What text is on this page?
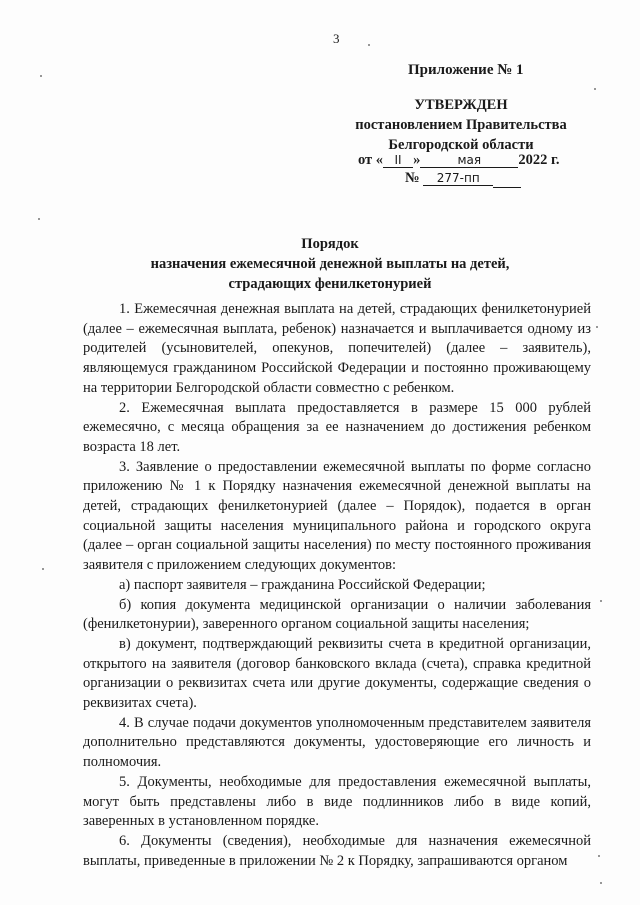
3
Приложение № 1
УТВЕРЖДЕН
постановлением Правительства
Белгородской области
от « II »	мая	2022 г.
№ 277-пп
Порядок
назначения ежемесячной денежной выплаты на детей,
страдающих фенилкетонурией

1. Ежемесячная денежная выплата на детей, страдающих фенилкетонурией (далее – ежемесячная выплата, ребенок) назначается и выплачивается одному из родителей (усыновителей, опекунов, попечителей) (далее – заявитель), являющемуся гражданином Российской Федерации и постоянно проживающему на территории Белгородской области совместно с ребенком.

2. Ежемесячная выплата предоставляется в размере 15 000 рублей ежемесячно, с месяца обращения за ее назначением до достижения ребенком возраста 18 лет.

3. Заявление о предоставлении ежемесячной выплаты по форме согласно приложению № 1 к Порядку назначения ежемесячной денежной выплаты на детей, страдающих фенилкетонурией (далее – Порядок), подается в орган социальной защиты населения муниципального района и городского округа (далее – орган социальной защиты населения) по месту постоянного проживания заявителя с приложением следующих документов:

а) паспорт заявителя – гражданина Российской Федерации;

б) копия документа медицинской организации о наличии заболевания (фенилкетонурии), заверенного органом социальной защиты населения;

в) документ, подтверждающий реквизиты счета в кредитной организации, открытого на заявителя (договор банковского вклада (счета), справка кредитной организации о реквизитах счета или другие документы, содержащие сведения о реквизитах счета).

4. В случае подачи документов уполномоченным представителем заявителя дополнительно представляются документы, удостоверяющие его личность и полномочия.

5. Документы, необходимые для предоставления ежемесячной выплаты, могут быть представлены либо в виде подлинников либо в виде копий, заверенных в установленном порядке.

6. Документы (сведения), необходимые для назначения ежемесячной выплаты, приведенные в приложении № 2 к Порядку, запрашиваются органом
